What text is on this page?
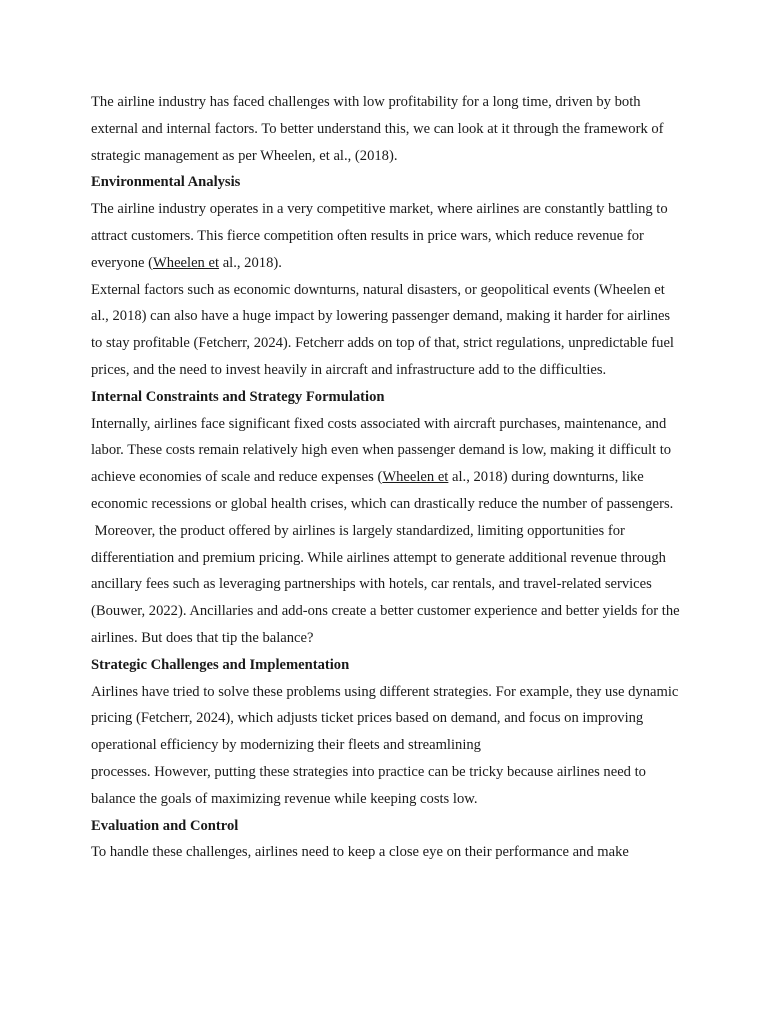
The airline industry has faced challenges with low profitability for a long time, driven by both external and internal factors. To better understand this, we can look at it through the framework of strategic management as per Wheelen, et al., (2018).

Environmental Analysis

The airline industry operates in a very competitive market, where airlines are constantly battling to attract customers. This fierce competition often results in price wars, which reduce revenue for everyone (Wheelen et al., 2018).

External factors such as economic downturns, natural disasters, or geopolitical events (Wheelen et al., 2018) can also have a huge impact by lowering passenger demand, making it harder for airlines to stay profitable (Fetcherr, 2024). Fetcherr adds on top of that, strict regulations, unpredictable fuel prices, and the need to invest heavily in aircraft and infrastructure add to the difficulties.

Internal Constraints and Strategy Formulation

Internally, airlines face significant fixed costs associated with aircraft purchases, maintenance, and labor. These costs remain relatively high even when passenger demand is low, making it difficult to achieve economies of scale and reduce expenses (Wheelen et al., 2018) during downturns, like economic recessions or global health crises, which can drastically reduce the number of passengers.

Moreover, the product offered by airlines is largely standardized, limiting opportunities for differentiation and premium pricing. While airlines attempt to generate additional revenue through ancillary fees such as leveraging partnerships with hotels, car rentals, and travel-related services (Bouwer, 2022). Ancillaries and add-ons create a better customer experience and better yields for the airlines. But does that tip the balance?

Strategic Challenges and Implementation

Airlines have tried to solve these problems using different strategies. For example, they use dynamic pricing (Fetcherr, 2024), which adjusts ticket prices based on demand, and focus on improving operational efficiency by modernizing their fleets and streamlining
processes. However, putting these strategies into practice can be tricky because airlines need to balance the goals of maximizing revenue while keeping costs low.

Evaluation and Control

To handle these challenges, airlines need to keep a close eye on their performance and make
